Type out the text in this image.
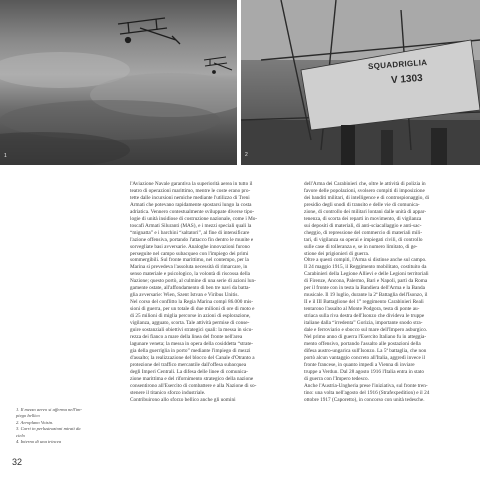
1
SQUADRIGLIA
V 1303
2
1. Il mezzo aereo si afferma nell'im-
piego bellico
2. Aeroplano Voisin.
3. Carri in perlustrazioni mirati da
cielo
4. Interno di una trincea
32
l'Aviazione Navale garantiva la superiorità aerea in tutto il
teatro di operazioni marittimo, mentre le coste erano pro-
tette dalle incursioni nemiche mediante l'utilizzo di Treni
Armati che potevano rapidamente spostarsi lungo la costa
adriatica. Vennero contestualmente sviluppate diverse tipo-
logie di unità insidiose di costruzione nazionale, come i Mo-
toscafi Armati Siluranti (MAS), e i mezzi speciali quali la
“mignatta” e i barchini “saltatori”, al fine di intensificare
l'azione offensiva, portando l'attacco fin dentro le munite e
sorvegliate basi avversarie. Analoghe innovazioni furono
perseguite nel campo subacqueo con l'impiego dei primi
sommergibili. Sul fronte marittimo, nel contempo, per la
Marina si prevedeva l'assoluta necessità di rimarcare, in
senso materiale e psicologico, la volontà di riscossa della
Nazione; questo portò, al culmine di una serie di azioni lun-
gamente ostate, all'affondamento di ben tre navi da batta-
glia avversarie: Wien, Szent Istvan e Viribus Unitis.
Nel corso del conflitto la Regia Marina compì 86.000 mis-
sioni di guerra, per un totale di due milioni di ore di moto e
di 25 milioni di miglia percorse in azioni di esplorazione,
vigilanza, agguato, scorta. Tale attività permise di conse-
guire sostanziali obiettivi strategici quali: la messa in sicu-
rezza dei fianco a mare della linea del fronte nell'area
lagunare veneta; la messa in opera della cosiddetta “strate-
gia della guerriglia in porto” mediante l'impiego di mezzi
d'assalto; la realizzazione del blocco del Canale d'Otranto a
protezione del traffico mercantile dall'offesa subacquea
degli Imperi Centrali. La difesa delle linee di comunica-
zione marittima e del rifornimento strategico della nazione
consentirono all'Esercito di combattere e alla Nazione di so-
stenere il titanico sforzo industriale.
Contribuirono allo sforzo bellico anche gli uomini
dell'Arma dei Carabinieri che, oltre le attività di polizia in
favore delle popolazioni, svolsero compiti di imposizione
dei banditi militari, di intelligence e di controspionaggio, di
presidio degli snodi di transito e delle vie di comunica-
zione, di controllo dei militari lontani dalle unità di appar-
tenenza, di scorta dei reparti in movimento, di vigilanza
sui depositi di materiali, di anti-sciacallaggio e anti-sac-
cheggio, di repressione del commercio di materiali mili-
tari, di vigilanza su operai e impiegati civili, di controllo
sulle case di tolleranza e, se in numero limitato, di ge-
stione dei prigionieri di guerra.
Oltre a questi compiti, l'Arma si distinse anche sul campo.
Il 24 maggio 1915, il Reggimento mobilitato, costituito da
Carabinieri della Legione Allievi e delle Legioni territoriali
di Firenze, Ancona, Palermo, Bari e Napoli, partì da Roma
per il fronte con in testa la Bandiera dell'Arma e la Banda
musicale. Il 19 luglio, durante la 2ª Battaglia dell'Isonzo, il
II e il III Battaglione del 1° reggimento Carabinieri Reali
tentarono l'assalto al Monte Podgora, testa di ponte au-
striaca sulla riva destra dell'Isonzo che divideva le truppe
italiane dalla “irredenta” Gorizia, importante snodo stra-
dale e ferroviario e sbocco sul mare dell'Impero asburgico.
Nel primo anno di guerra l'Esercito Italiano fu in atteggia-
mento offensivo, portando l'assalto alle postazioni della
difesa austro-ungarica sull'Isonzo. La 5ª battaglia, che non
portò alcun vantaggio concreto all'Italia, aggredì invece il
fronte francese, in quanto impedì a Vienna di inviare
truppe a Verdun. Dal 28 agosto 1916 l'Italia entra in stato
di guerra con l'Impero tedesco.
Anche l'Austria-Ungheria prese l'iniziativa, sul fronte tren-
tino: una volta nell'agosto del 1916 (Strafexpedition) e il 24
ottobre 1917 (Caporetto), in concorso con unità tedesche.
